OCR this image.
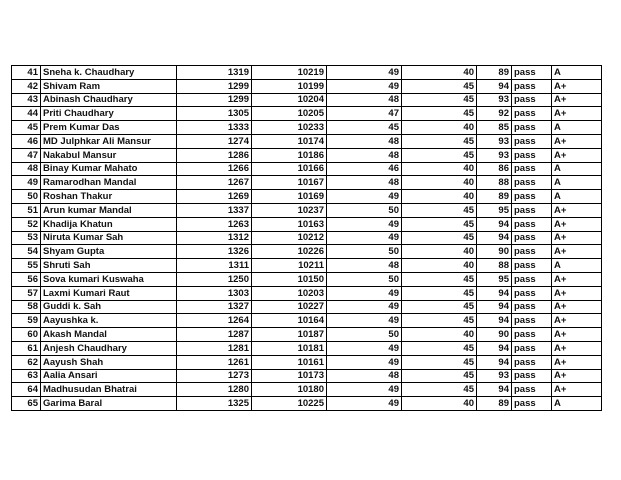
41	Sneha k. Chaudhary	1319	10219	49	40	89	pass	A
42	Shivam Ram	1299	10199	49	45	94	pass	A+
43	Abinash Chaudhary	1299	10204	48	45	93	pass	A+
44	Priti Chaudhary	1305	10205	47	45	92	pass	A+
45	Prem Kumar Das	1333	10233	45	40	85	pass	A
46	MD Julphkar Ali Mansur	1274	10174	48	45	93	pass	A+
47	Nakabul Mansur	1286	10186	48	45	93	pass	A+
48	Binay Kumar Mahato	1266	10166	46	40	86	pass	A
49	Ramarodhan Mandal	1267	10167	48	40	88	pass	A
50	Roshan Thakur	1269	10169	49	40	89	pass	A
51	Arun kumar Mandal	1337	10237	50	45	95	pass	A+
52	Khadija Khatun	1263	10163	49	45	94	pass	A+
53	Niruta Kumar Sah	1312	10212	49	45	94	pass	A+
54	Shyam Gupta	1326	10226	50	40	90	pass	A+
55	Shruti Sah	1311	10211	48	40	88	pass	A
56	Sova kumari Kuswaha	1250	10150	50	45	95	pass	A+
57	Laxmi Kumari Raut	1303	10203	49	45	94	pass	A+
58	Guddi k. Sah	1327	10227	49	45	94	pass	A+
59	Aayushka k.	1264	10164	49	45	94	pass	A+
60	Akash Mandal	1287	10187	50	40	90	pass	A+
61	Anjesh Chaudhary	1281	10181	49	45	94	pass	A+
62	Aayush Shah	1261	10161	49	45	94	pass	A+
63	Aalia Ansari	1273	10173	48	45	93	pass	A+
64	Madhusudan Bhatrai	1280	10180	49	45	94	pass	A+
65	Garima Baral	1325	10225	49	40	89	pass	A
